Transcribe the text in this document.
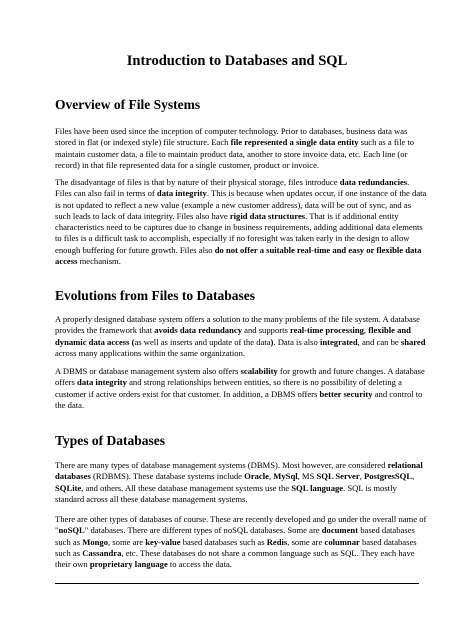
Introduction to Databases and SQL
Overview of File Systems

Files have been used since the inception of computer technology. Prior to databases, business data was stored in flat (or indexed style) file structure. Each file represented a single data entity such as a file to maintain customer data, a file to maintain product data, another to store invoice data, etc. Each line (or record) in that file represented data for a single customer, product or invoice.

The disadvantage of files is that by nature of their physical storage, files introduce data redundancies. Files can also fail in terms of data integrity. This is because when updates occur, if one instance of the data is not updated to reflect a new value (example a new customer address), data will be out of sync, and as such leads to lack of data integrity. Files also have rigid data structures. That is if additional entity characteristics need to be captures due to change in business requirements, adding additional data elements to files is a difficult task to accomplish, especially if no foresight was taken early in the design to allow enough buffering for future growth. Files also do not offer a suitable real-time and easy or flexible data access mechanism.

Evolutions from Files to Databases

A properly designed database system offers a solution to the many problems of the file system. A database provides the framework that avoids data redundancy and supports real-time processing, flexible and dynamic data access (as well as inserts and update of the data). Data is also integrated, and can be shared across many applications within the same organization.

A DBMS or database management system also offers scalability for growth and future changes. A database offers data integrity and strong relationships between entities, so there is no possibility of deleting a customer if active orders exist for that customer. In addition, a DBMS offers better security and control to the data.

Types of Databases

There are many types of database management systems (DBMS). Most however, are considered relational databases (RDBMS). These database systems include Oracle, MySql, MS SQL Server, PostgresSQL, SQLite, and others. All these database management systems use the SQL language. SQL is mostly standard across all these database management systems.

There are other types of databases of course. These are recently developed and go under the overall name of "noSQL" databases. There are different types of noSQL databases. Some are document based databases such as Mongo, some are key-value based databases such as Redis, some are columnar based databases such as Cassandra, etc. These databases do not share a common language such as SQL. They each have their own proprietary language to access the data.
